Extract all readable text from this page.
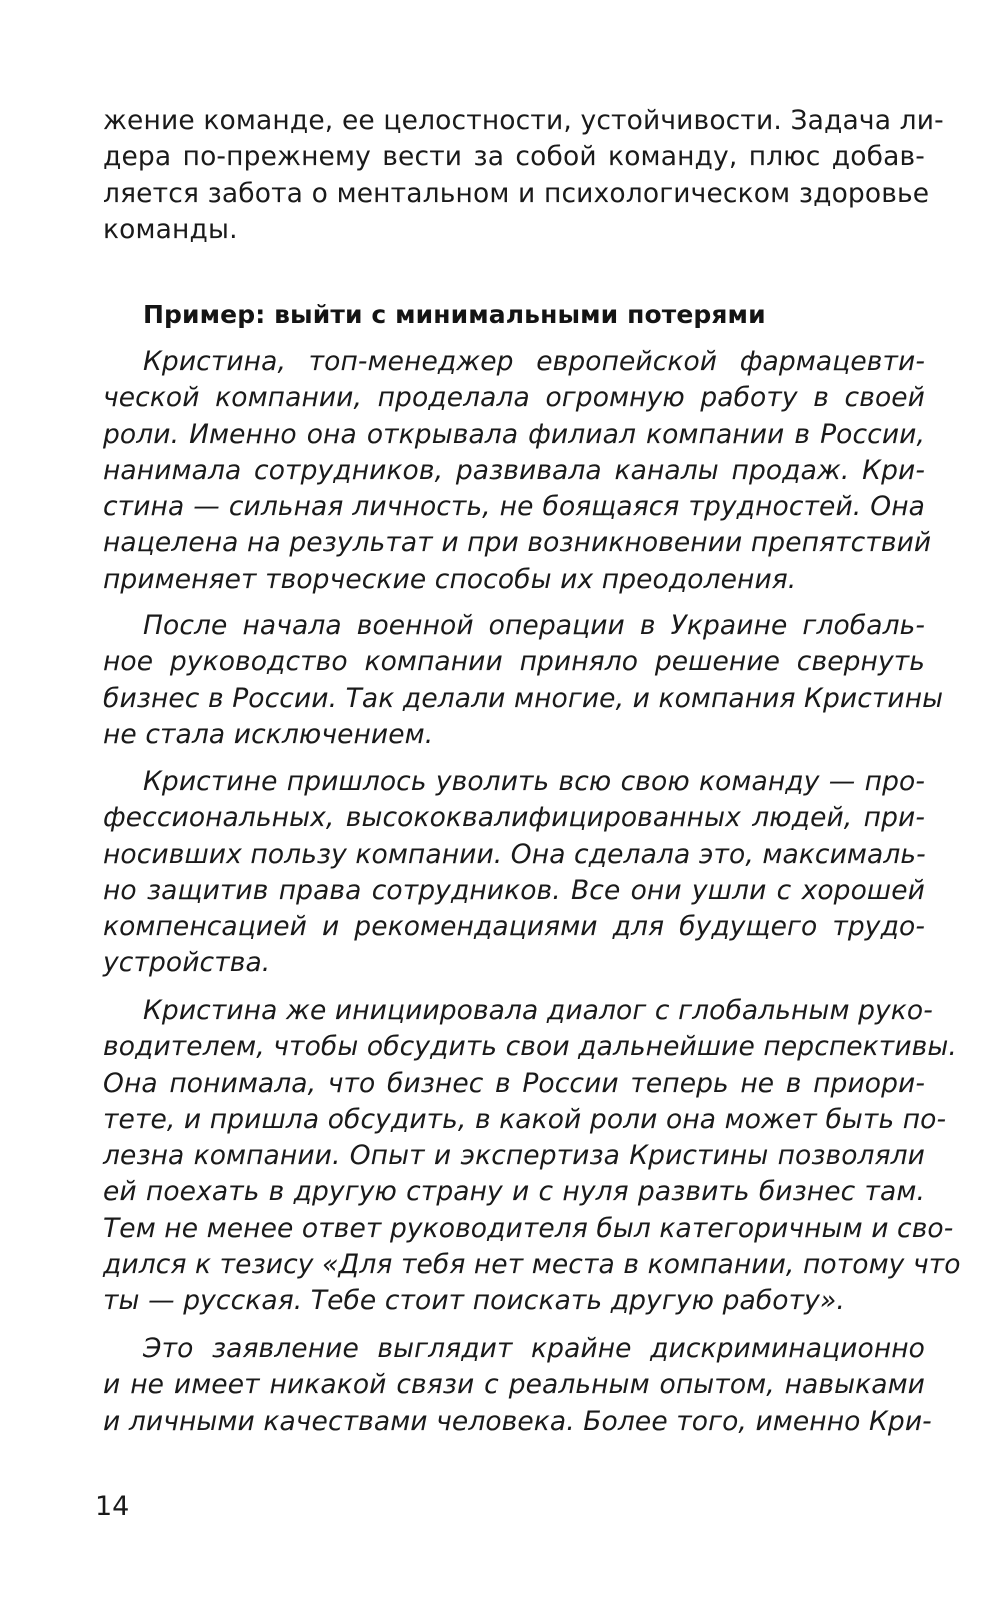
жение команде, ее целостности, устойчивости. Задача ли-
дера по-прежнему вести за собой команду, плюс добав-
ляется забота о ментальном и психологическом здоровье
команды.
Пример: выйти с минимальными потерями
Кристина, топ-менеджер европейской фармацевти-
ческой компании, проделала огромную работу в своей
роли. Именно она открывала филиал компании в России,
нанимала сотрудников, развивала каналы продаж. Кри-
стина — сильная личность, не боящаяся трудностей. Она
нацелена на результат и при возникновении препятствий
применяет творческие способы их преодоления.
После начала военной операции в Украине глобаль-
ное руководство компании приняло решение свернуть
бизнес в России. Так делали многие, и компания Кристины
не стала исключением.
Кристине пришлось уволить всю свою команду — про-
фессиональных, высококвалифицированных людей, при-
носивших пользу компании. Она сделала это, максималь-
но защитив права сотрудников. Все они ушли с хорошей
компенсацией и рекомендациями для будущего трудо-
устройства.
Кристина же инициировала диалог с глобальным руко-
водителем, чтобы обсудить свои дальнейшие перспективы.
Она понимала, что бизнес в России теперь не в приори-
тете, и пришла обсудить, в какой роли она может быть по-
лезна компании. Опыт и экспертиза Кристины позволяли
ей поехать в другую страну и с нуля развить бизнес там.
Тем не менее ответ руководителя был категоричным и сво-
дился к тезису «Для тебя нет места в компании, потому что
ты — русская. Тебе стоит поискать другую работу».
Это заявление выглядит крайне дискриминационно
и не имеет никакой связи с реальным опытом, навыками
и личными качествами человека. Более того, именно Кри-
14
